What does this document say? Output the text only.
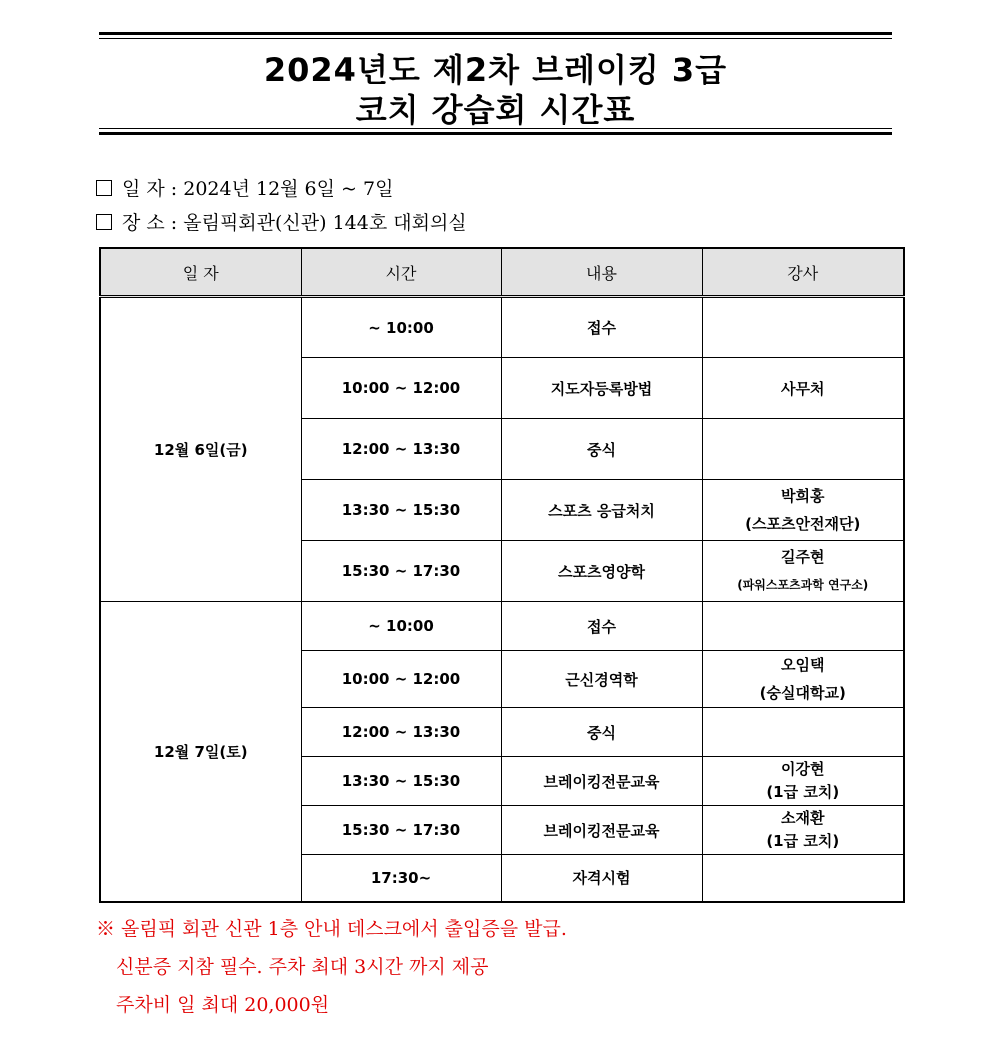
2024년도 제2차 브레이킹 3급
코치 강습회 시간표
일 자 : 2024년 12월 6일 ~ 7일
장 소 : 올림픽회관(신관) 144호 대회의실
일 자	시간	내용	강사
12월 6일(금)	~ 10:00	접수	
	10:00 ~ 12:00	지도자등록방법	사무처
	12:00 ~ 13:30	중식	
	13:30 ~ 15:30	스포츠 응급처치	박희홍
(스포츠안전재단)

	15:30 ~ 17:30	스포츠영양학	길주현
(파워스포츠과학 연구소)

12월 7일(토)	~ 10:00	접수	
	10:00 ~ 12:00	근신경역학	오임택
(숭실대학교)

	12:00 ~ 13:30	중식	
	13:30 ~ 15:30	브레이킹전문교육	이강현
(1급 코치)

	15:30 ~ 17:30	브레이킹전문교육	소재환
(1급 코치)

	17:30~	자격시험	
※ 올림픽 회관 신관 1층 안내 데스크에서 출입증을 발급.
신분증 지참 필수. 주차 최대 3시간 까지 제공
주차비 일 최대 20,000원
